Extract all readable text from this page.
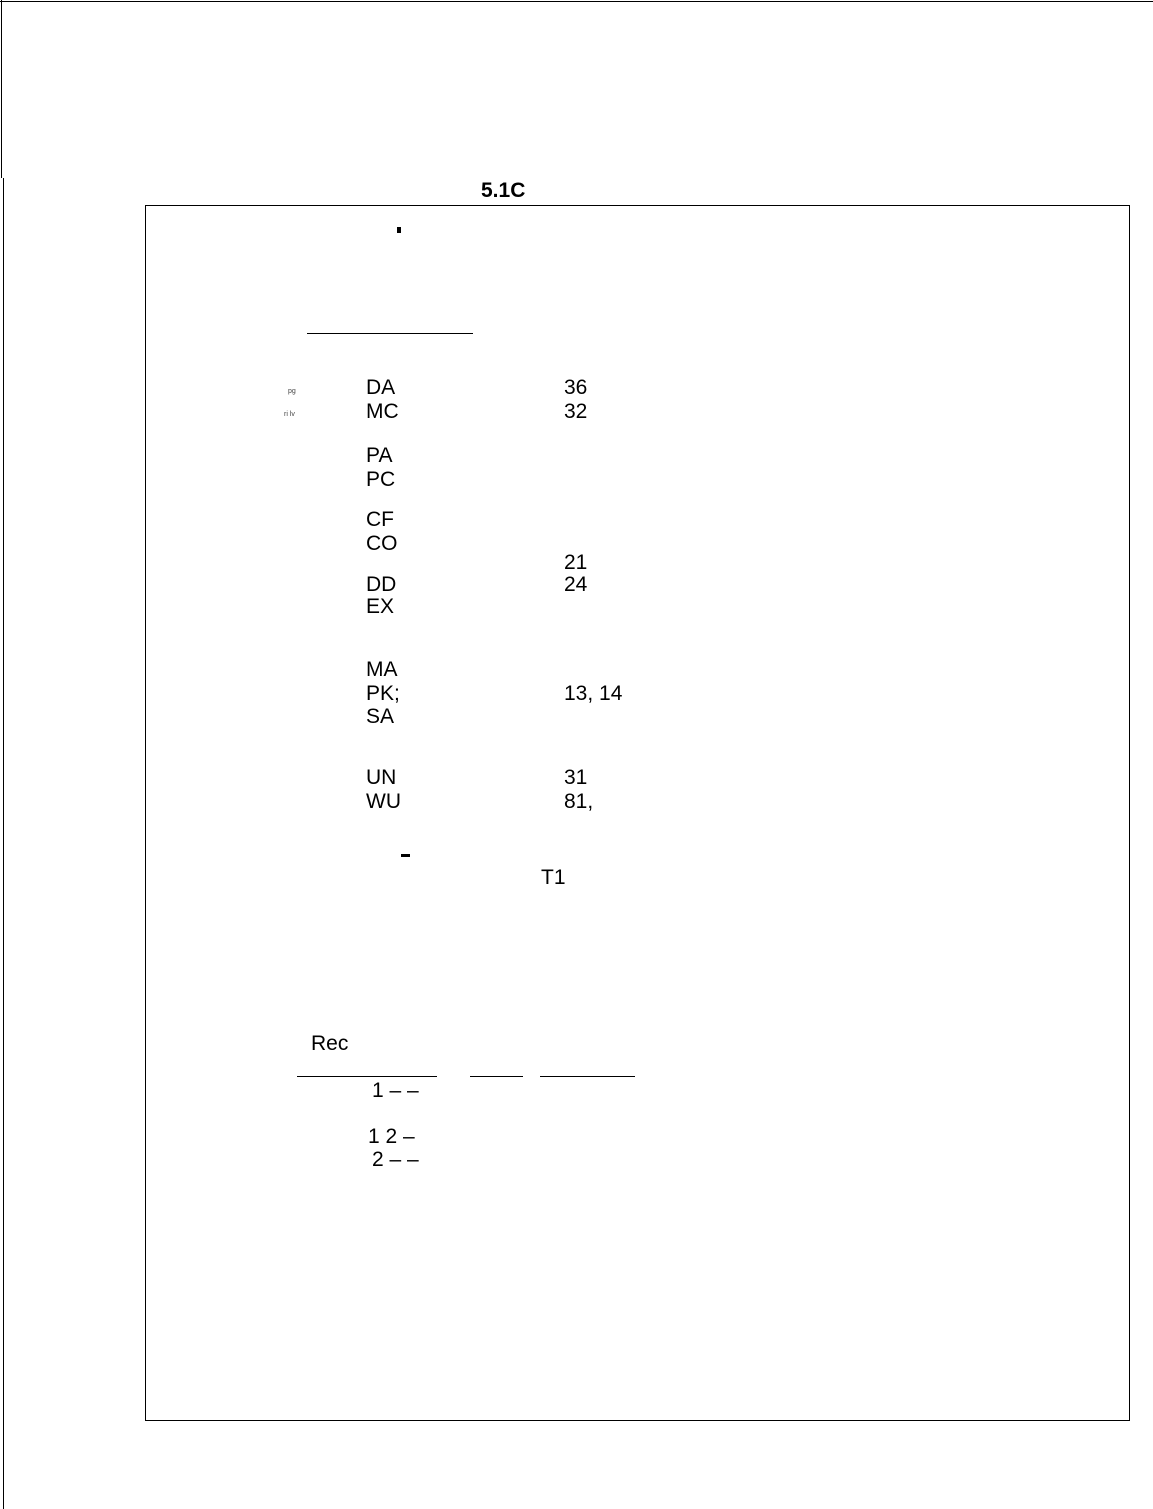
5.1C
pg
ri lv
DA	36
MC	32
PA
PC
CF
CO
21
DD	24
EX
MA
PK;	13, 14
SA
UN	31
WU	81,
T1
Rec
1 – –
1 2 –
2 – –
